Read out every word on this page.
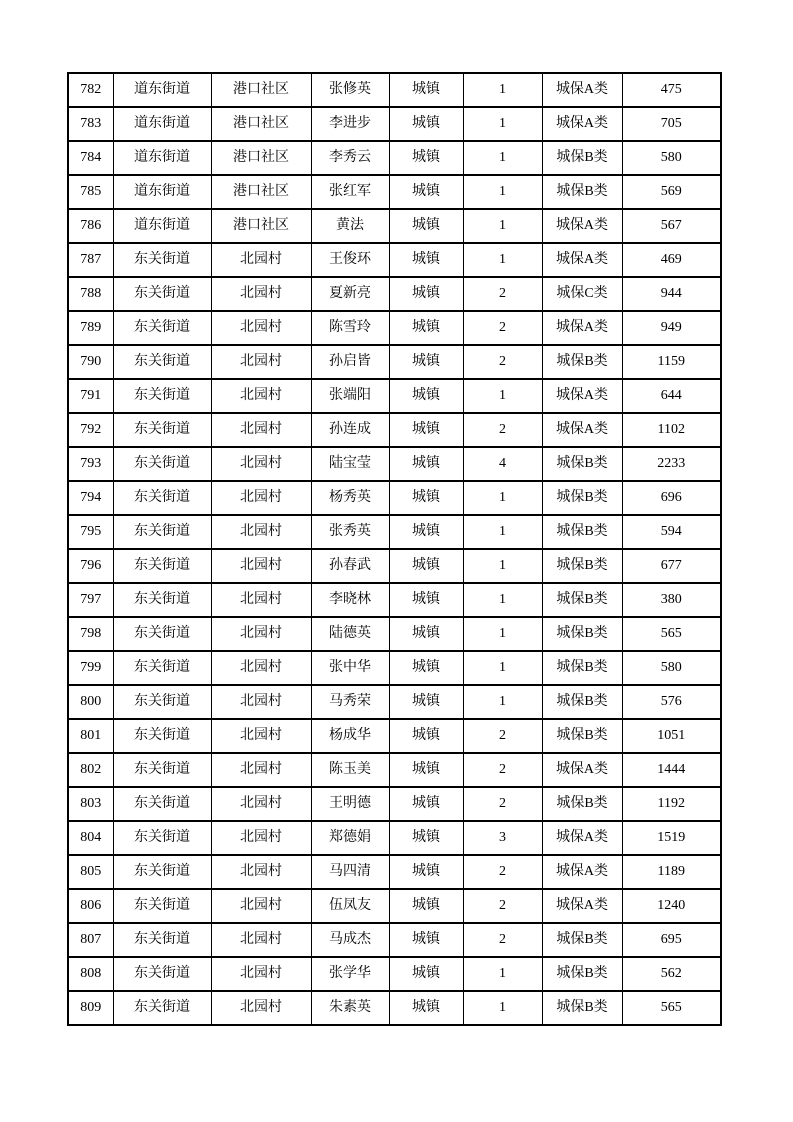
782	道东街道	港口社区	张修英	城镇	1	城保A类	475
783	道东街道	港口社区	李进步	城镇	1	城保A类	705
784	道东街道	港口社区	李秀云	城镇	1	城保B类	580
785	道东街道	港口社区	张红军	城镇	1	城保B类	569
786	道东街道	港口社区	黄法	城镇	1	城保A类	567
787	东关街道	北园村	王俊环	城镇	1	城保A类	469
788	东关街道	北园村	夏新亮	城镇	2	城保C类	944
789	东关街道	北园村	陈雪玲	城镇	2	城保A类	949
790	东关街道	北园村	孙启皆	城镇	2	城保B类	1159
791	东关街道	北园村	张端阳	城镇	1	城保A类	644
792	东关街道	北园村	孙连成	城镇	2	城保A类	1102
793	东关街道	北园村	陆宝莹	城镇	4	城保B类	2233
794	东关街道	北园村	杨秀英	城镇	1	城保B类	696
795	东关街道	北园村	张秀英	城镇	1	城保B类	594
796	东关街道	北园村	孙春武	城镇	1	城保B类	677
797	东关街道	北园村	李晓林	城镇	1	城保B类	380
798	东关街道	北园村	陆德英	城镇	1	城保B类	565
799	东关街道	北园村	张中华	城镇	1	城保B类	580
800	东关街道	北园村	马秀荣	城镇	1	城保B类	576
801	东关街道	北园村	杨成华	城镇	2	城保B类	1051
802	东关街道	北园村	陈玉美	城镇	2	城保A类	1444
803	东关街道	北园村	王明德	城镇	2	城保B类	1192
804	东关街道	北园村	郑德娟	城镇	3	城保A类	1519
805	东关街道	北园村	马四清	城镇	2	城保A类	1189
806	东关街道	北园村	伍凤友	城镇	2	城保A类	1240
807	东关街道	北园村	马成杰	城镇	2	城保B类	695
808	东关街道	北园村	张学华	城镇	1	城保B类	562
809	东关街道	北园村	朱素英	城镇	1	城保B类	565
